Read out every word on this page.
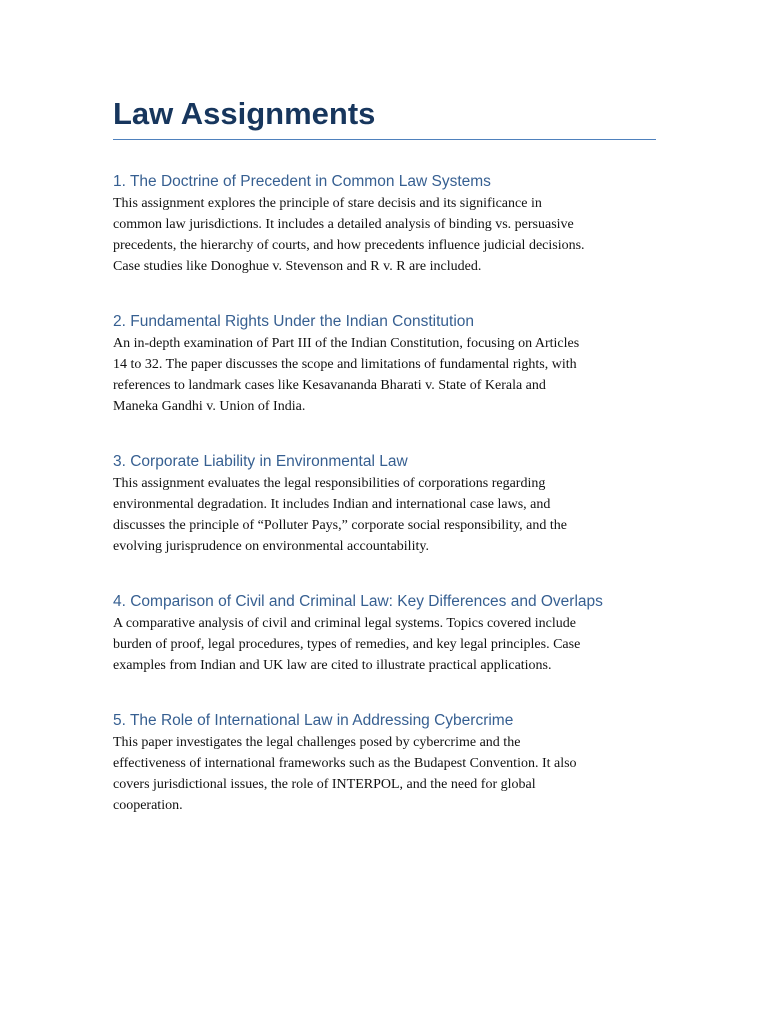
Law Assignments
1. The Doctrine of Precedent in Common Law Systems

This assignment explores the principle of stare decisis and its significance in
common law jurisdictions. It includes a detailed analysis of binding vs. persuasive
precedents, the hierarchy of courts, and how precedents influence judicial decisions.
Case studies like Donoghue v. Stevenson and R v. R are included.

2. Fundamental Rights Under the Indian Constitution

An in-depth examination of Part III of the Indian Constitution, focusing on Articles
14 to 32. The paper discusses the scope and limitations of fundamental rights, with
references to landmark cases like Kesavananda Bharati v. State of Kerala and
Maneka Gandhi v. Union of India.

3. Corporate Liability in Environmental Law

This assignment evaluates the legal responsibilities of corporations regarding
environmental degradation. It includes Indian and international case laws, and
discusses the principle of “Polluter Pays,” corporate social responsibility, and the
evolving jurisprudence on environmental accountability.

4. Comparison of Civil and Criminal Law: Key Differences and Overlaps

A comparative analysis of civil and criminal legal systems. Topics covered include
burden of proof, legal procedures, types of remedies, and key legal principles. Case
examples from Indian and UK law are cited to illustrate practical applications.

5. The Role of International Law in Addressing Cybercrime

This paper investigates the legal challenges posed by cybercrime and the
effectiveness of international frameworks such as the Budapest Convention. It also
covers jurisdictional issues, the role of INTERPOL, and the need for global
cooperation.
